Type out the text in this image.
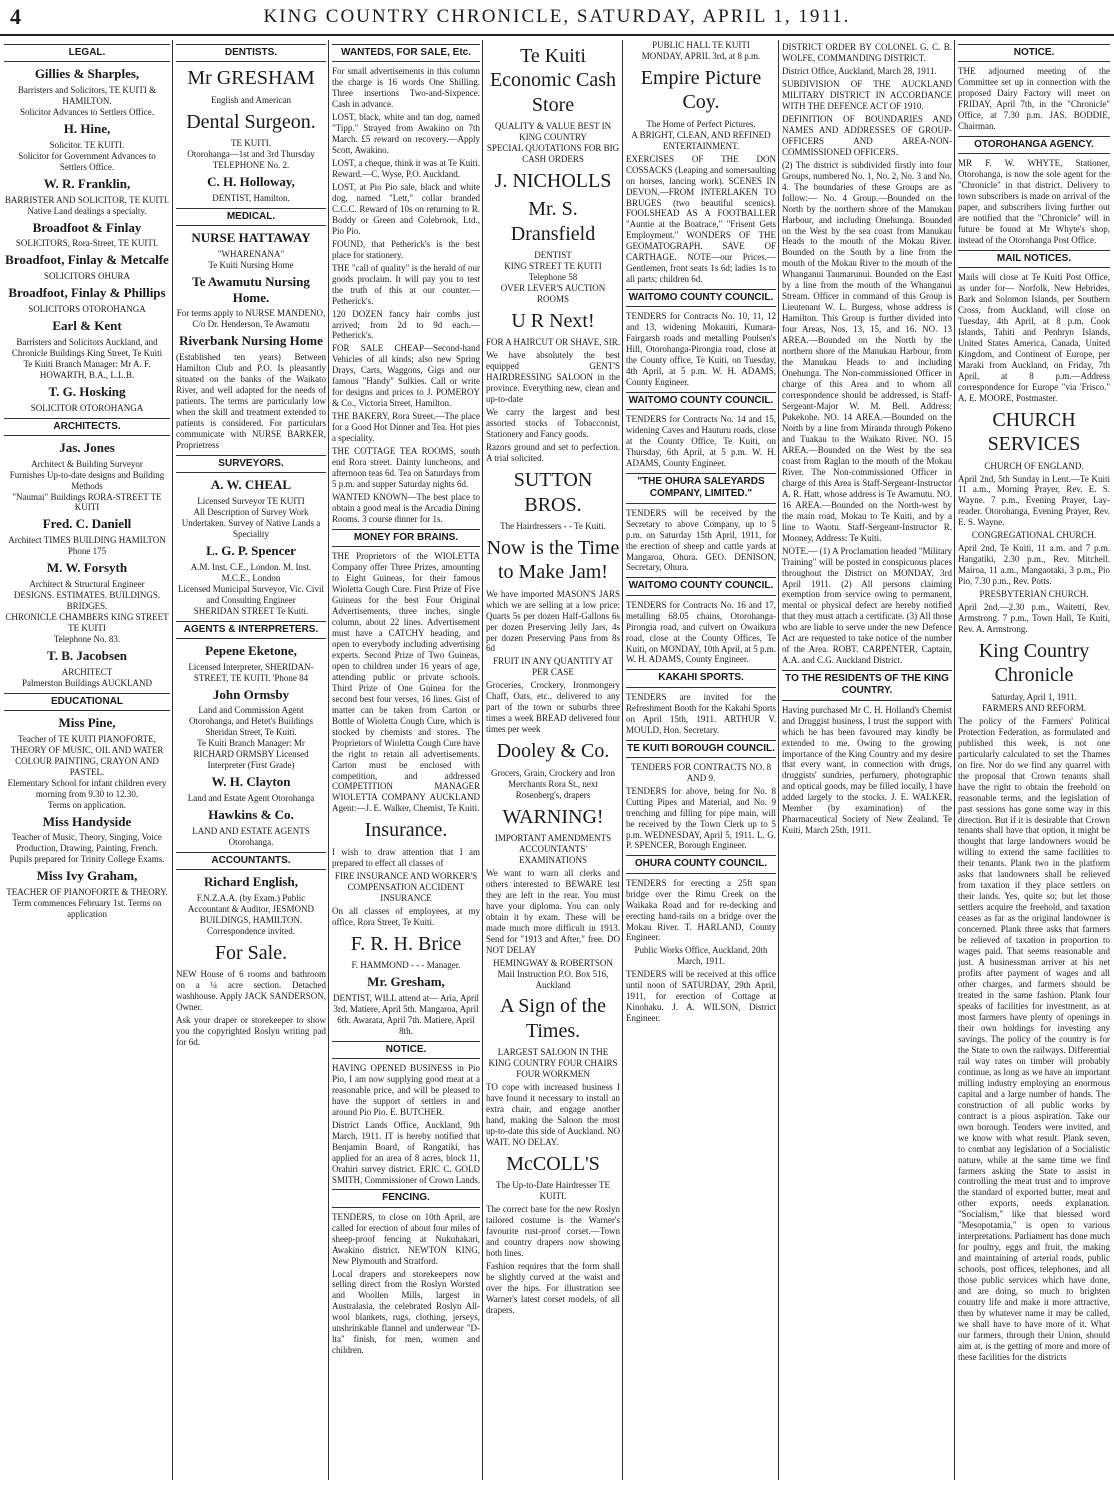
4	KING COUNTRY CHRONICLE, SATURDAY, APRIL 1, 1911.
LEGAL.
Gillies & Sharples,
Barristers and Solicitors, TE KUITI & HAMILTON.
Solicitor Advances to Settlers Office.
H. Hine,
Solicitor. TE KUITI.
Solicitor for Government Advances to Settlers Office.
W. R. Franklin,
BARRISTER AND SOLICITOR, TE KUITI.
Native Land dealings a specialty.
Broadfoot & Finlay
SOLICITORS, Rora-Street, TE KUITI.
Broadfoot, Finlay & Metcalfe
SOLICITORS OHURA
Broadfoot, Finlay & Phillips
SOLICITORS OTOROHANGA
Earl & Kent
Barristers and Solicitors Auckland, and Chronicle Buildings King Street, Te Kuiti
Te Kuiti Branch Manager: Mr A. F. HOWARTH, B.A., L.L.B.
T. G. Hosking
SOLICITOR OTOROHANGA
ARCHITECTS.
Jas. Jones
Architect & Building Surveyor
Furnishes Up-to-date designs and Building Methods
"Naumai" Buildings RORA-STREET TE KUITI
Fred. C. Daniell
Architect TIMES BUILDING HAMILTON
Phone 175
M. W. Forsyth
Architect & Structural Engineer
DESIGNS. ESTIMATES. BUILDINGS. BRIDGES.
CHRONICLE CHAMBERS KING STREET TE KUITI
Telephone No. 83.
T. B. Jacobsen
ARCHITECT
Palmerston Buildings AUCKLAND
EDUCATIONAL
Miss Pine,
Teacher of TE KUITI PIANOFORTE, THEORY OF MUSIC, OIL AND WATER COLOUR PAINTING, CRAYON AND PASTEL.
Elementary School for infant children every morning from 9.30 to 12.30.
Terms on application.
Miss Handyside
Teacher of Music, Theory, Singing, Voice Production, Drawing, Painting, French. Pupils prepared for Trinity College Exams.
Miss Ivy Graham,
TEACHER OF PIANOFORTE & THEORY.
Term commences February 1st. Terms on application
DENTISTS.
Mr GRESHAM
English and American
Dental Surgeon.
TE KUITI.
Otorohanga—1st and 3rd Thursday
TELEPHONE No. 2.
C. H. Holloway,
DENTIST, Hamilton.
MEDICAL.
NURSE HATTAWAY
"WHARENANA"
Te Kuiti Nursing Home
Te Awamutu Nursing Home.
For terms apply to NURSE MANDENO, C/o Dr. Henderson, Te Awamutu
Riverbank Nursing Home

(Established ten years) Between Hamilton Club and P.O. Is pleasantly situated on the banks of the Waikato River, and well adapted for the needs of patients. The terms are particularly low when the skill and treatment extended to patients is considered. For particulars communicate with NURSE BARKER, Proprietress

SURVEYORS.
A. W. CHEAL
Licensed Surveyor TE KUITI
All Description of Survey Work Undertaken. Survey of Native Lands a Speciality
L. G. P. Spencer
A.M. Inst. C.E., London. M. Inst. M.C.E., London
Licensed Municipal Surveyor, Vic. Civil and Consulting Engineer
SHERIDAN STREET Te Kuiti.
AGENTS & INTERPRETERS.
Pepene Eketone,
Licensed Interpreter, SHERIDAN-STREET, TE KUITI. 'Phone 84
John Ormsby
Land and Commission Agent
Otorohanga, and Hetet's Buildings Sheridan Street, Te Kuiti.
Te Kuiti Branch Manager: Mr RICHARD ORMSBY Licensed Interpreter (First Grade)
W. H. Clayton
Land and Estate Agent Otorohanga
Hawkins & Co.
LAND AND ESTATE AGENTS Otorohanga.
ACCOUNTANTS.
Richard English,
F.N.Z.A.A. (by Exam.) Public Accountant & Auditor, JESMOND BUILDINGS, HAMILTON. Correspondence invited.
For Sale.

NEW House of 6 rooms and bathroom on a ¼ acre section. Detached washhouse. Apply JACK SANDERSON, Owner.

Ask your draper or storekeeper to show you the copyrighted Roslyn writing pad for 6d.

WANTEDS, FOR SALE, Etc.

For small advertisements in this column the charge is 16 words One Shilling. Three insertions Two-and-Sixpence. Cash in advance.

LOST, black, white and tan dog, named "Tipp." Strayed from Awakino on 7th March. £5 reward on recovery.—Apply Scott, Awakino.

LOST, a cheque, think it was at Te Kuiti. Reward.—C. Wyse, P.O. Auckland.

LOST, at Pio Pio sale, black and white dog, named "Lett," collar branded C.C.C. Reward of 10s on returning to R. Boddy or Green and Colebrook, Ltd., Pio Pio.

FOUND, that Petherick's is the best place for stationery.

THE "call of quality" is the herald of our goods proclaim. It will pay you to test the truth of this at our counter.—Petherick's.

120 DOZEN fancy hair combs just arrived; from 2d to 9d each.—Petherick's.

FOR SALE CHEAP—Second-hand Vehicles of all kinds; also new Spring Drays, Carts, Waggons, Gigs and our famous "Handy" Sulkies. Call or write for designs and prices to J. POMEROY & Co., Victoria Street, Hamilton.

THE BAKERY, Rora Street.—The place for a Good Hot Dinner and Tea. Hot pies a speciality.

THE COTTAGE TEA ROOMS, south end Rora street. Dainty luncheons, and afternoon teas 6d. Tea on Saturdays from 5 p.m. and supper Saturday nights 6d.

WANTED KNOWN—The best place to obtain a good meal is the Arcadia Dining Rooms. 3 course dinner for 1s.

MONEY FOR BRAINS.

THE Proprietors of the WIOLETTA Company offer Three Prizes, amounting to Eight Guineas, for their famous Wioletta Cough Cure. First Prize of Five Guineas for the best Four Original Advertisements, three inches, single column, about 22 lines. Advertisement must have a CATCHY heading, and open to everybody including advertising experts. Second Prize of Two Guineas, open to children under 16 years of age, attending public or private schools. Third Prize of One Guinea for the second best four verses, 16 lines. Gist of matter can be taken from Carton or Bottle of Wioletta Cough Cure, which is stocked by chemists and stores. The Proprietors of Wioletta Cough Cure have the right to retain all advertisements. Carton must be enclosed with competition, and addressed COMPETITION MANAGER WIOLETTA COMPANY AUCKLAND Agent:—J. E. Walker, Chemist, Te Kuiti.

Insurance.

I wish to draw attention that I am prepared to effect all classes of

FIRE INSURANCE AND WORKER'S COMPENSATION ACCIDENT INSURANCE

On all classes of employees, at my office, Rora Street, Te Kuiti.

F. R. H. Brice
F. HAMMOND - - - Manager.
Mr. Gresham,
DENTIST, WILL attend at— Aria, April 3rd. Matiere, April 5th. Mangaroa, April 6th. Awarata, April 7th. Matiere, April 8th.
NOTICE.

HAVING OPENED BUSINESS in Pio Pio, I am now supplying good meat at a reasonable price, and will be pleased to have the support of settlers in and around Pio Pio. E. BUTCHER.

District Lands Office, Auckland, 9th March, 1911. IT is hereby notified that Benjamin Board, of Rangatiki, has applied for an area of 8 acres, block 11, Orahiri survey district. ERIC C. GOLD SMITH, Commissioner of Crown Lands.

FENCING.

TENDERS, to close on 10th April, are called for erection of about four miles of sheep-proof fencing at Nukuhakari, Awakino district. NEWTON KING, New Plymouth and Stratford.

Local drapers and storekeepers now selling direct from the Roslyn Worsted and Woollen Mills, largest in Australasia, the celebrated Roslyn All-wool blankets, rugs, clothing, jerseys, unshrinkable flannel and underwear "D-lta" finish, for men, women and children.

Te Kuiti Economic Cash Store
QUALITY & VALUE BEST IN KING COUNTRY
SPECIAL QUOTATIONS FOR BIG CASH ORDERS
J. NICHOLLS
Mr. S. Dransfield
DENTIST
KING STREET TE KUITI
Telephone 58
OVER LEVER'S AUCTION ROOMS
U R Next!
FOR A HAIRCUT OR SHAVE, SIR.

We have absolutely the best equipped GENT'S HAIRDRESSING SALOON in the province. Everything new, clean and up-to-date

We carry the largest and best assorted stocks of Tobacconist, Stationery and Fancy goods.

Razors ground and set to perfection. A trial solicited.

SUTTON BROS.
The Hairdressers - - Te Kuiti.
Now is the Time to Make Jam!

We have imported MASON'S JARS which we are selling at a low price: Quarts 5s per dozen Half-Gallons 6s per dozen Preserving Jelly Jars, 4s per dozen Preserving Pans from 8s 6d

FRUIT IN ANY QUANTITY AT PER CASE

Groceries, Crockery, Ironmongery Chaff, Oats, etc., delivered to any part of the town or suburbs three times a week BREAD delivered four times per week

Dooley & Co.
Grocers, Grain, Crockery and Iron Merchants Rora St., next Rosenberg's, drapers
WARNING!
IMPORTANT AMENDMENTS ACCOUNTANTS' EXAMINATIONS

We want to warn all clerks and others interested to BEWARE lest they are left in the rear. You must have your diploma. You can only obtain it by exam. These will be made much more difficult in 1913. Send for "1913 and After," free. DO NOT DELAY

HEMINGWAY & ROBERTSON Mail Instruction P.O. Box 516, Auckland
A Sign of the Times.
LARGEST SALOON IN THE KING COUNTRY FOUR CHAIRS FOUR WORKMEN

TO cope with increased business I have found it necessary to install an extra chair, and engage another hand, making the Saloon the most up-to-date this side of Auckland. NO WAIT. NO DELAY.

McCOLL'S
The Up-to-Date Hairdresser TE KUITI.

The correct base for the new Roslyn tailored costume is the Warner's favourite rust-proof corset.—Town and country drapers now showing both lines.

Fashion requires that the form shall be slightly curved at the waist and over the hips. For illustration see Warner's latest corset models, of all drapers.

PUBLIC HALL TE KUITI
MONDAY, APRIL 3rd, at 8 p.m.
Empire Picture Coy.
The Home of Perfect Pictures.
A BRIGHT, CLEAN, AND REFINED ENTERTAINMENT.

EXERCISES OF THE DON COSSACKS (Leaping and somersaulting on horses, lancing work). SCENES IN DEVON.—FROM INTERLAKEN TO BRUGES (two beautiful scenics). FOOLSHEAD AS A FOOTBALLER "Auntie at the Boatrace," "Frisent Gets Employment." WONDERS OF THE GEOMATOGRAPH. SAVE OF CARTHAGE. NOTE—our Prices.—Gentlemen, front seats 1s 6d; ladies 1s to all parts; children 6d.

WAITOMO COUNTY COUNCIL.

TENDERS for Contracts No. 10, 11, 12 and 13, widening Mokauiti, Kumara-Fairgarsh roads and metalling Poulsen's Hill, Otorohanga-Pirongia road, close at the County office, Te Kuiti, on Tuesday, 4th April, at 5 p.m. W. H. ADAMS, County Engineer.

WAITOMO COUNTY COUNCIL.

TENDERS for Contracts No. 14 and 15, widening Caves and Hauturu roads, close at the County Office, Te Kuiti, on Thursday, 6th April, at 5 p.m. W. H. ADAMS, County Engineer.

"THE OHURA SALEYARDS COMPANY, LIMITED."

TENDERS will be received by the Secretary to above Company, up to 5 p.m. on Saturday 15th April, 1911, for the erection of sheep and cattle yards at Mangaroa, Ohura. GEO. DENISON, Secretary, Ohura.

WAITOMO COUNTY COUNCIL.

TENDERS for Contracts No. 16 and 17, metalling 68.05 chains, Otorohanga-Pirongia road, and culvert on Owaikura road, close at the County Offices, Te Kuiti, on MONDAY, 10th April, at 5 p.m. W. H. ADAMS, County Engineer.

KAKAHI SPORTS.

TENDERS are invited for the Refreshment Booth for the Kakahi Sports on April 15th, 1911. ARTHUR V. MOULD, Hon. Secretary.

TE KUITI BOROUGH COUNCIL.
TENDERS FOR CONTRACTS NO. 8 AND 9.

TENDERS for above, being for No. 8 Cutting Pipes and Material, and No. 9 trenching and filling for pipe main, will be received by the Town Clerk up to 5 p.m. WEDNESDAY, April 5, 1911. L. G. P. SPENCER, Borough Engineer.

OHURA COUNTY COUNCIL.

TENDERS for erecting a 25ft span bridge over the Rimu Creek on the Waikaka Road and for re-decking and erecting hand-rails on a bridge over the Mokau River. T. HARLAND, County Engineer.

Public Works Office, Auckland, 20th March, 1911.

TENDERS will be received at this office until noon of SATURDAY, 29th April, 1911, for erection of Cottage at Kinohaku. J. A. WILSON, District Engineer.

DISTRICT ORDER BY COLONEL G. C. B. WOLFE, COMMANDING DISTRICT.

District Office, Auckland, March 28, 1911.

SUBDIVISION OF THE AUCKLAND MILITARY DISTRICT IN ACCORDANCE WITH THE DEFENCE ACT OF 1910.

DEFINITION OF BOUNDARIES AND NAMES AND ADDRESSES OF GROUP-OFFICERS AND AREA-NON-COMMISSIONED OFFICERS.

(2) The district is subdivided firstly into four Groups, numbered No. 1, No. 2, No. 3 and No. 4. The boundaries of these Groups are as follow:— No. 4 Group.—Bounded on the North by the northern shore of the Manukau Harbour, and including Onehunga. Bounded on the West by the sea coast from Manukau Heads to the mouth of the Mokau River. Bounded on the South by a line from the mouth of the Mokau River to the mouth of the Whanganui Taumarunui. Bounded on the East by a line from the mouth of the Whanganui Stream. Officer in command of this Group is Lieutenant W. L. Burgess, whose address is Hamilton. This Group is further divided into four Areas, Nos. 13, 15, and 16. NO. 13 AREA.—Bounded on the North by the northern shore of the Manukau Harbour, from the Manukau Heads to and including Onehunga. The Non-commissioned Officer in charge of this Area and to whom all correspondence should be addressed, is Staff-Sergeant-Major W. M. Bell. Address: Pukekohe. NO. 14 AREA.—Bounded on the North by a line from Miranda through Pokeno and Tuakau to the Waikato River. NO. 15 AREA.—Bounded on the West by the sea coast from Raglan to the mouth of the Mokau River. The Non-commissioned Officer in charge of this Area is Staff-Sergeant-Instructor A. R. Hatt, whose address is Te Awamutu. NO. 16 AREA.—Bounded on the North-west by the main road, Mokau to Te Kuiti, and by a line to Waotu. Staff-Sergeant-Instructor R. Mooney, Address: Te Kuiti.

NOTE.— (1) A Proclamation headed "Military Training" will be posted in conspicuous places throughout the District on MONDAY, 3rd April 1911. (2) All persons claiming exemption from service owing to permanent, mental or physical defect are hereby notified that they must attach a certificate. (3) All those who are liable to serve under the new Defence Act are requested to take notice of the number of the Area. ROBT. CARPENTER, Captain, A.A. and C.G. Auckland District.

TO THE RESIDENTS OF THE KING COUNTRY.

Having purchased Mr C. H. Holland's Chemist and Druggist business, I trust the support with which he has been favoured may kindly be extended to me. Owing to the growing importance of the King Country and my desire that every want, in connection with drugs, druggists' sundries, perfumery, photographic and optical goods, may be filled locally, I have added largely to the stocks. J. E. WALKER, Member (by examination) of the Pharmaceutical Society of New Zealand. Te Kuiti, March 25th, 1911.

NOTICE.

THE adjourned meeting of the Committee set up in connection with the proposed Dairy Factory will meet on FRIDAY, April 7th, in the "Chronicle" Office, at 7.30 p.m. JAS. BODDIE, Chairman.

OTOROHANGA AGENCY.

MR F. W. WHYTE, Stationer, Otorohanga, is now the sole agent for the "Chronicle" in that district. Delivery to town subscribers is made on arrival of the paper, and subscribers living further out are notified that the "Chronicle" will in future be found at Mr Whyte's shop, instead of the Otorohanga Post Office.

MAIL NOTICES.

Mails will close at Te Kuiti Post Office, as under for— Norfolk, New Hebrides, Bark and Solomon Islands, per Southern Cross, from Auckland, will close on Tuesday, 4th April, at 8 p.m. Cook Islands, Tahiti and Penhryn Islands, United States America, Canada, United Kingdom, and Continent of Europe, per Maraki from Auckland, on Friday, 7th April, at 8 p.m.—Address correspondence for Europe "via 'Frisco." A. E. MOORE, Postmaster.

CHURCH SERVICES
CHURCH OF ENGLAND.

April 2nd, 5th Sunday in Lent.—Te Kuiti 11 a.m., Morning Prayer, Rev. E. S. Wayne. 7 p.m., Evening Prayer, Lay-reader. Otorohanga, Evening Prayer, Rev. E. S. Wayne.

CONGREGATIONAL CHURCH.

April 2nd, Te Kuiti, 11 a.m. and 7 p.m. Hangatiki, 2.30 p.m., Rev. Mitchell. Mairoa, 11 a.m., Mangaotaki, 3 p.m., Pio Pio, 7.30 p.m., Rev. Potts.

PRESBYTERIAN CHURCH.

April 2nd.—2.30 p.m., Waitetti, Rev. Armstrong. 7 p.m., Town Hall, Te Kuiti, Rev. A. Armstrong.

King Country Chronicle
Saturday, April 1, 1911.
FARMERS AND REFORM.

The policy of the Farmers' Political Protection Federation, as formulated and published this week, is not one particularly calculated to set the Thames on fire. Nor do we find any quarrel with the proposal that Crown tenants shall have the right to obtain the freehold on reasonable terms, and the legislation of past sessions has gone some way in this direction. But if it is desirable that Crown tenants shall have that option, it might be thought that large landowners would be willing to extend the same facilities to their tenants. Plank two in the platform asks that landowners shall be relieved from taxation if they place settlers on their lands. Yes, quite so; but let those settlers acquire the freehold, and taxation ceases as far as the original landowner is concerned. Plank three asks that farmers be relieved of taxation in proportion to wages paid. That seems reasonable and just. A businessman arriver at his net profits after payment of wages and all other charges, and farmers should be treated in the same fashion. Plank four speaks of facilities for investment, as at most farmers have plenty of openings in their own holdings for investing any savings. The policy of the country is for the State to own the railways. Differential rail way rates on timber will probably continue, as long as we have an important milling industry employing an enormous capital and a large number of hands. The construction of all public works by contract is a pious aspiration. Take our own borough. Tenders were invited, and we know with what result. Plank seven, to combat any legislation of a Socialistic nature, while at the same time we find farmers asking the State to assist in controlling the meat trust and to improve the standard of exported butter, meat and other exports, needs explanation. "Socialism," like that blessed word "Mesopotamia," is open to various interpretations. Parliament has done much for poultry, eggs and fruit, the making and maintaining of arterial roads, public schools, post offices, telephones, and all those public services which have done, and are doing, so much to brighten country life and make it more attractive, then by whatever name it may be called, we shall have to have more of it. What our farmers, through their Union, should aim at, is the getting of more and more of these facilities for the districts
